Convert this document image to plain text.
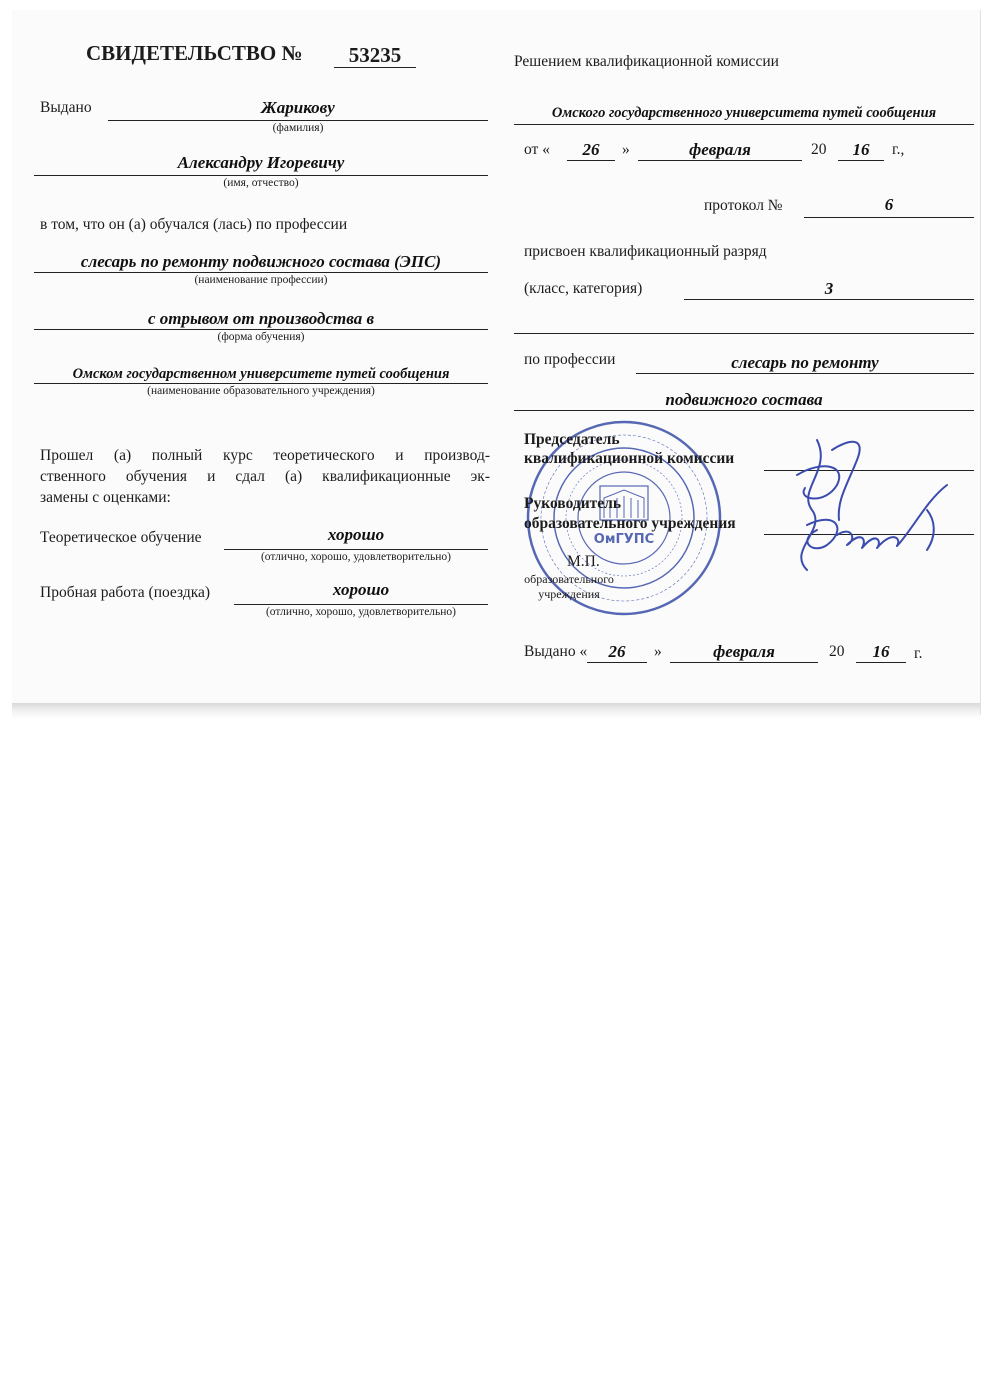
СВИДЕТЕЛЬСТВО №	53235
Выдано	Жарикову
(фамилия)
Александру Игоревичу
(имя, отчество)
в том, что он (а) обучался (лась) по профессии
слесарь по ремонту подвижного состава (ЭПС)
(наименование профессии)
с отрывом от производства в
(форма обучения)
Омском государственном университете путей сообщения
(наименование образовательного учреждения)
Прошел (а) полный курс теоретического и производ-
ственного обучения и сдал (а) квалификационные эк-
замены с оценками:
Теоретическое обучение	хорошо
(отлично, хорошо, удовлетворительно)
Пробная работа (поездка)	хорошо
(отлично, хорошо, удовлетворительно)
Решением квалификационной комиссии
Омского государственного университета путей сообщения
от «	26	»	февраля	20	16	г.,
протокол №	6
присвоен квалификационный разряд
(класс, категория)	3
по профессии	слесарь по ремонту
подвижного состава
ОмГУПС
Председатель
квалификационной комиссии
Руководитель
образовательного учреждения
М.П.
образовательного
учреждения
Выдано «	26	»	февраля	20	16	г.
